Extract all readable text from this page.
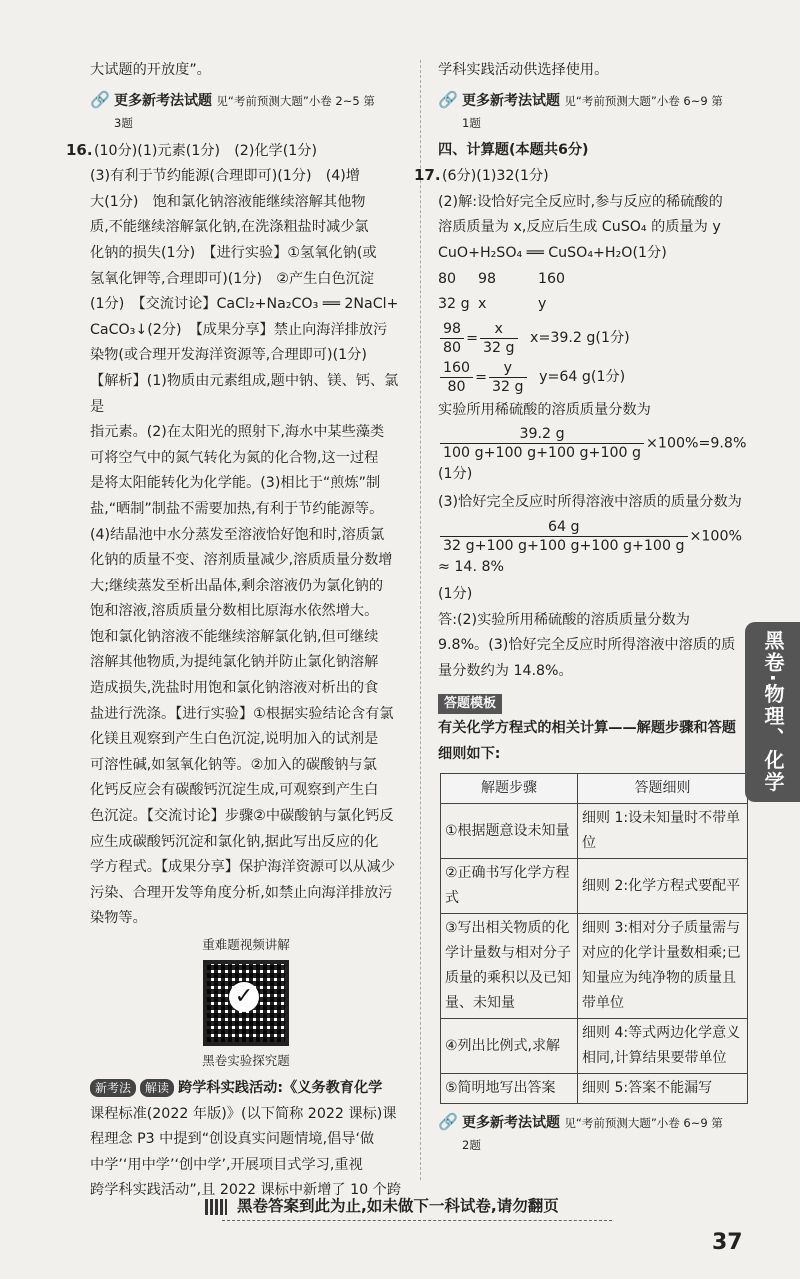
大试题的开放度”。

🔗 更多新考法试题 见“考前预测大题”小卷 2~5 第
3题
16.(10分)(1)元素(1分)　(2)化学(1分)
(3)有利于节约能源(合理即可)(1分)　(4)增
大(1分)　饱和氯化钠溶液能继续溶解其他物
质,不能继续溶解氯化钠,在洗涤粗盐时减少氯
化钠的损失(1分)　【进行实验】①氢氧化钠(或
氢氧化钾等,合理即可)(1分)　②产生白色沉淀
(1分)　【交流讨论】CaCl₂+Na₂CO₃ ══ 2NaCl+
CaCO₃↓(2分)　【成果分享】禁止向海洋排放污
染物(或合理开发海洋资源等,合理即可)(1分)
【解析】(1)物质由元素组成,题中钠、镁、钙、氯是
指元素。(2)在太阳光的照射下,海水中某些藻类
可将空气中的氮气转化为氮的化合物,这一过程
是将太阳能转化为化学能。(3)相比于“煎炼”制
盐,“晒制”制盐不需要加热,有利于节约能源等。
(4)结晶池中水分蒸发至溶液恰好饱和时,溶质氯
化钠的质量不变、溶剂质量减少,溶质质量分数增
大;继续蒸发至析出晶体,剩余溶液仍为氯化钠的
饱和溶液,溶质质量分数相比原海水依然增大。
饱和氯化钠溶液不能继续溶解氯化钠,但可继续
溶解其他物质,为提纯氯化钠并防止氯化钠溶解
造成损失,洗盐时用饱和氯化钠溶液对析出的食
盐进行洗涤。【进行实验】①根据实验结论含有氯
化镁且观察到产生白色沉淀,说明加入的试剂是
可溶性碱,如氢氧化钠等。②加入的碳酸钠与氯
化钙反应会有碳酸钙沉淀生成,可观察到产生白
色沉淀。【交流讨论】步骤②中碳酸钠与氯化钙反
应生成碳酸钙沉淀和氯化钠,据此写出反应的化
学方程式。【成果分享】保护海洋资源可以从减少
污染、合理开发等角度分析,如禁止向海洋排放污
染物等。
重难题视频讲解
✓
黑卷实验探究题
新考法 解读 跨学科实践活动:《义务教育化学
课程标准(2022 年版)》(以下简称 2022 课标)课
程理念 P3 中提到“创设真实问题情境,倡导‘做
中学’‘用中学’‘创中学’,开展项目式学习,重视
跨学科实践活动”,且 2022 课标中新增了 10 个跨

学科实践活动供选择使用。

🔗 更多新考法试题 见“考前预测大题”小卷 6~9 第
1题
四、计算题(本题共6分)
17.(6分)(1)32(1分)
(2)解:设恰好完全反应时,参与反应的稀硫酸的
溶质质量为 x,反应后生成 CuSO₄ 的质量为 y
CuO+H₂SO₄ ══ CuSO₄+H₂O(1分)
80 98	160
32 g x	y
$\frac{98}{80} = \frac{x}{32 g} x=39.2$ g(1分)
$\frac{160}{80} = \frac{y}{32 g} y=64$ g(1分)
实验所用稀硫酸的溶质质量分数为
$\frac{39.2 g}{100 g+100 g+100 g+100 g} \times 100\%=9.8\%(1$分)
(3)恰好完全反应时所得溶液中溶质的质量分数为
$\frac{64 g}{32 g+100 g+100 g+100 g+100 g} \times 100\% \approx 14$. 8%
(1分)
答:(2)实验所用稀硫酸的溶质质量分数为
9.8%。(3)恰好完全反应时所得溶液中溶质的质
量分数约为 14.8%。
答题模板
有关化学方程式的相关计算——解题步骤和答题
细则如下:
解题步骤	答题细则
①根据题意设未知量	细则 1:设未知量时不带单位
②正确书写化学方程式	细则 2:化学方程式要配平
③写出相关物质的化学计量数与相对分子质量的乘积以及已知量、未知量	细则 3:相对分子质量需与对应的化学计量数相乘;已知量应为纯净物的质量且带单位
④列出比例式,求解	细则 4:等式两边化学意义相同,计算结果要带单位
⑤简明地写出答案	细则 5:答案不能漏写
🔗 更多新考法试题 见“考前预测大题”小卷 6~9 第
2题
黑卷·物理、化学
黑卷答案到此为止,如未做下一科试卷,请勿翻页
37
